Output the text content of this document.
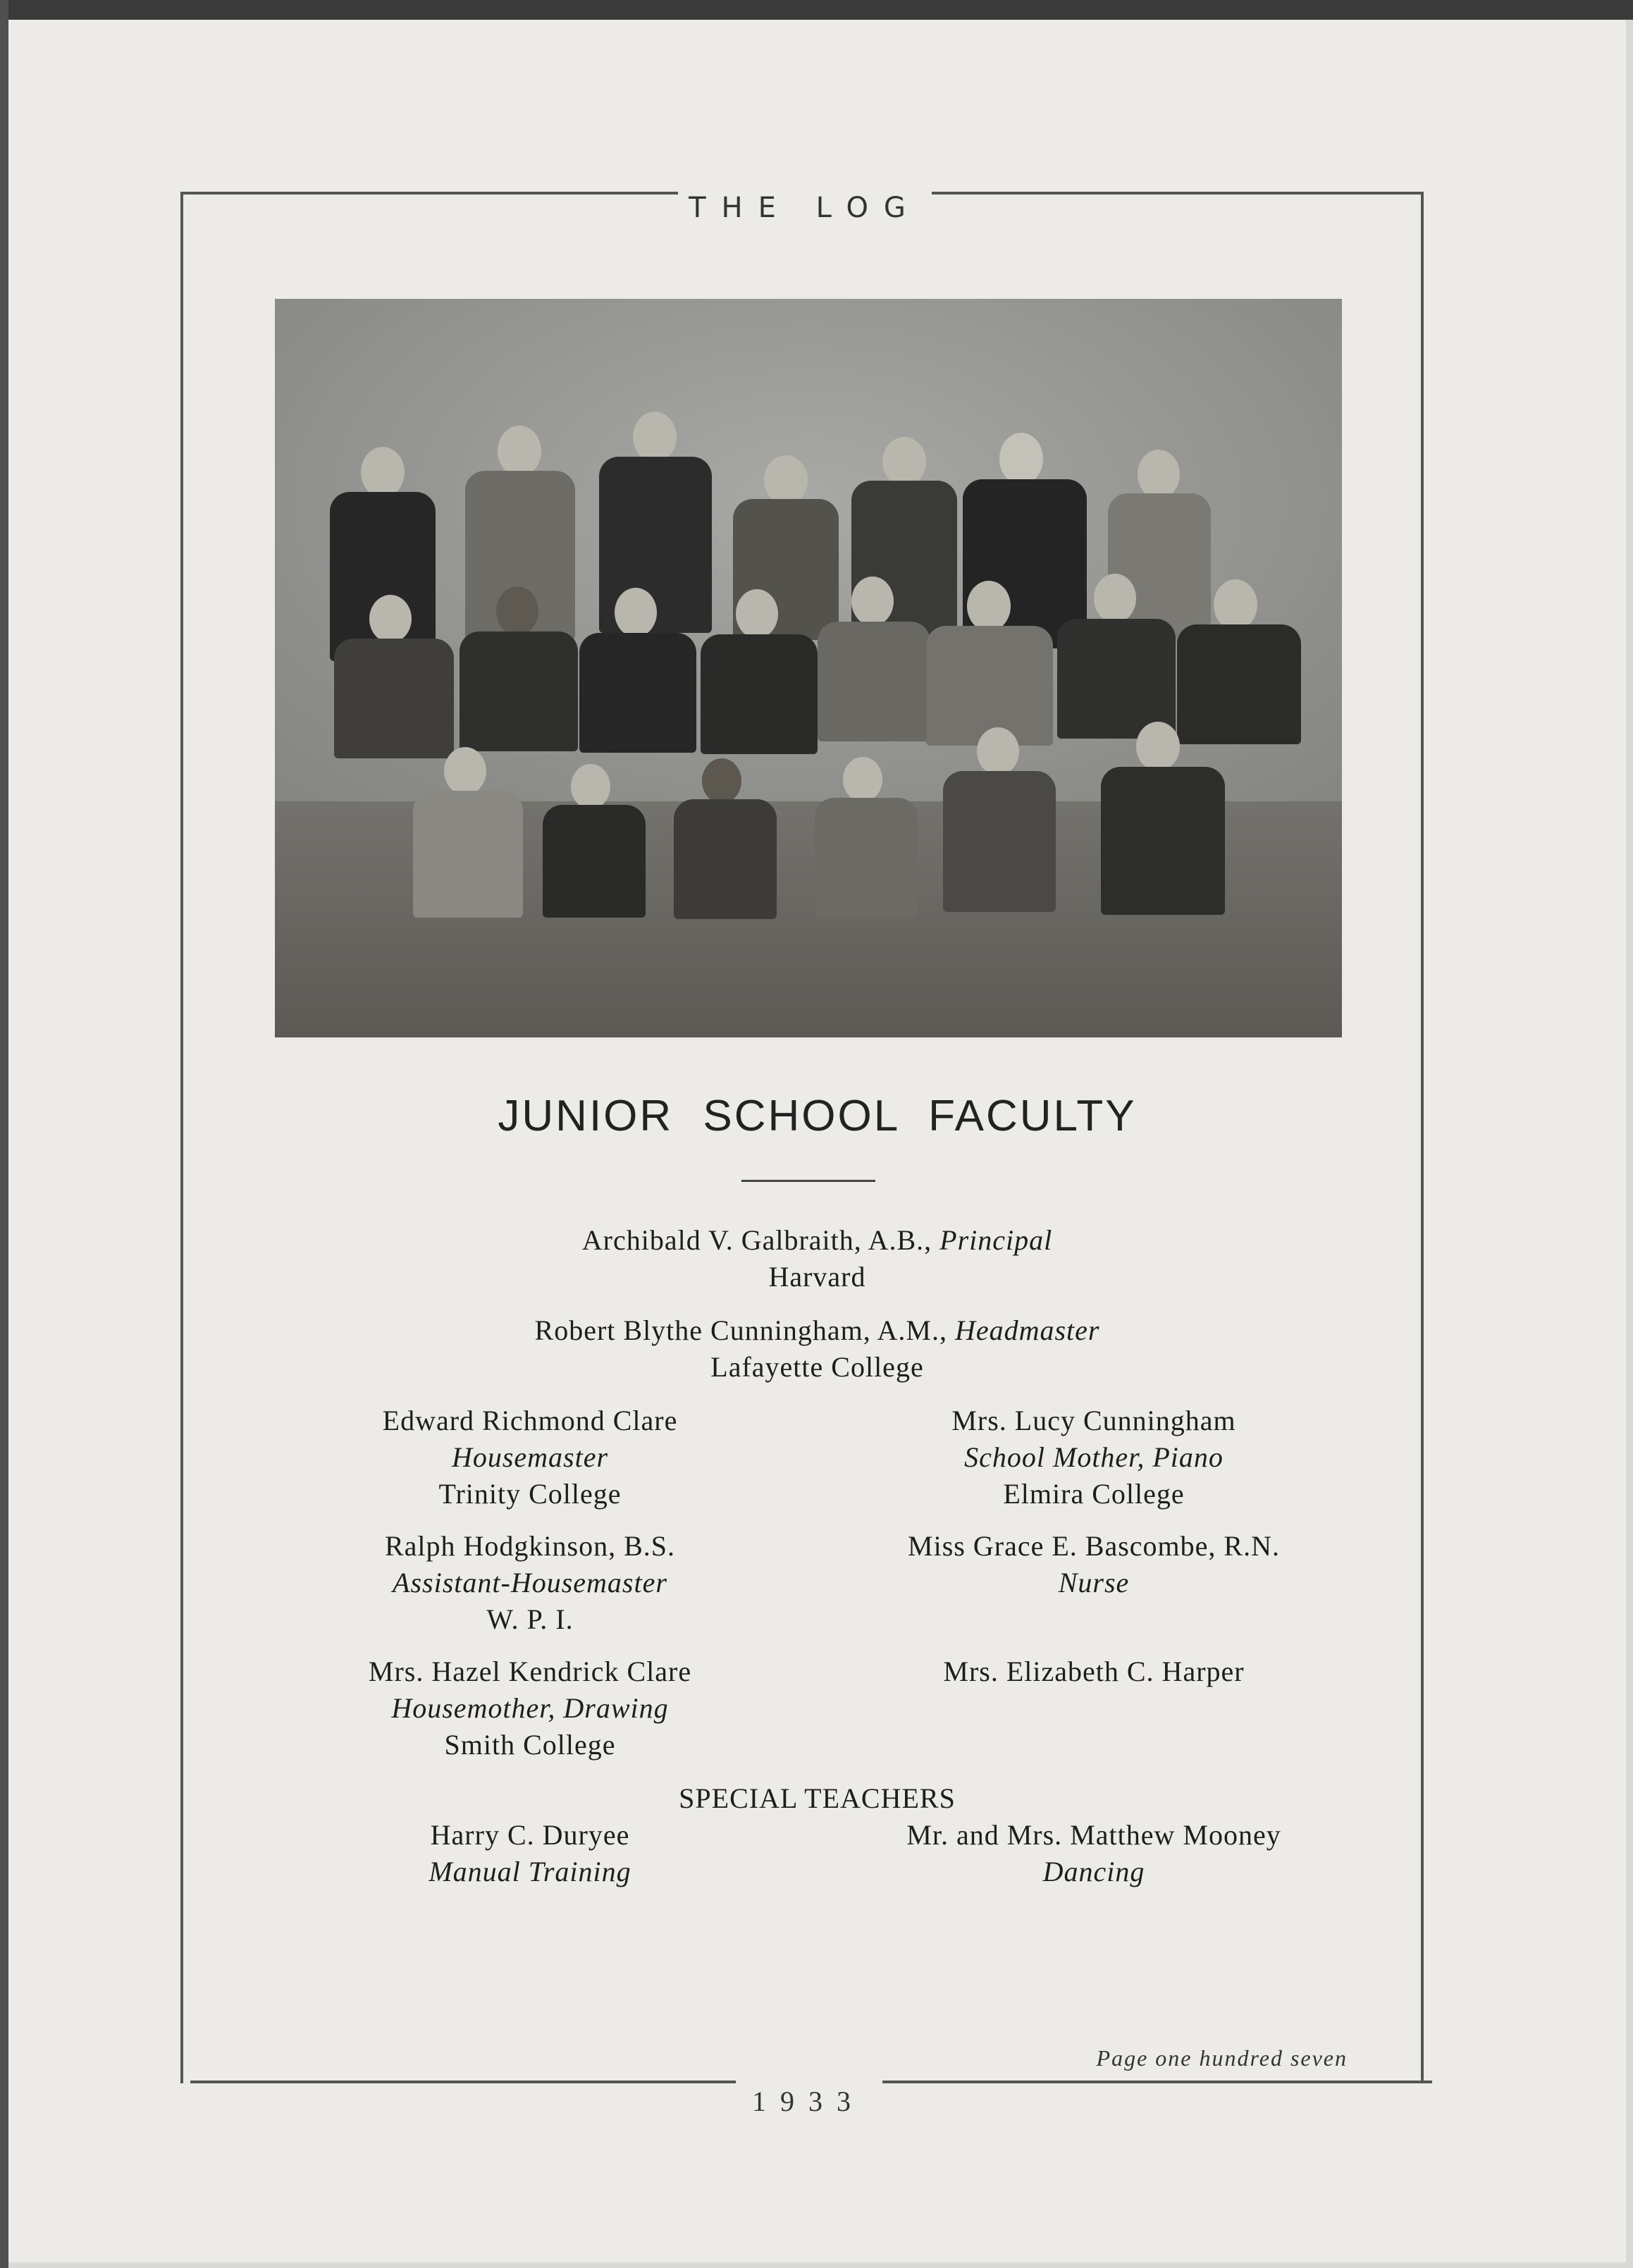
THE LOG
JUNIOR SCHOOL FACULTY
Archibald V. Galbraith, A.B., Principal
Harvard
Robert Blythe Cunningham, A.M., Headmaster
Lafayette College
Edward Richmond Clare
Housemaster
Trinity College
Ralph Hodgkinson, B.S.
Assistant-Housemaster
W. P. I.
Mrs. Hazel Kendrick Clare
Housemother, Drawing
Smith College
Mrs. Lucy Cunningham
School Mother, Piano
Elmira College
Miss Grace E. Bascombe, R.N.
Nurse
Mrs. Elizabeth C. Harper
SPECIAL TEACHERS
Harry C. Duryee
Manual Training
Mr. and Mrs. Matthew Mooney
Dancing
Page one hundred seven
1933
